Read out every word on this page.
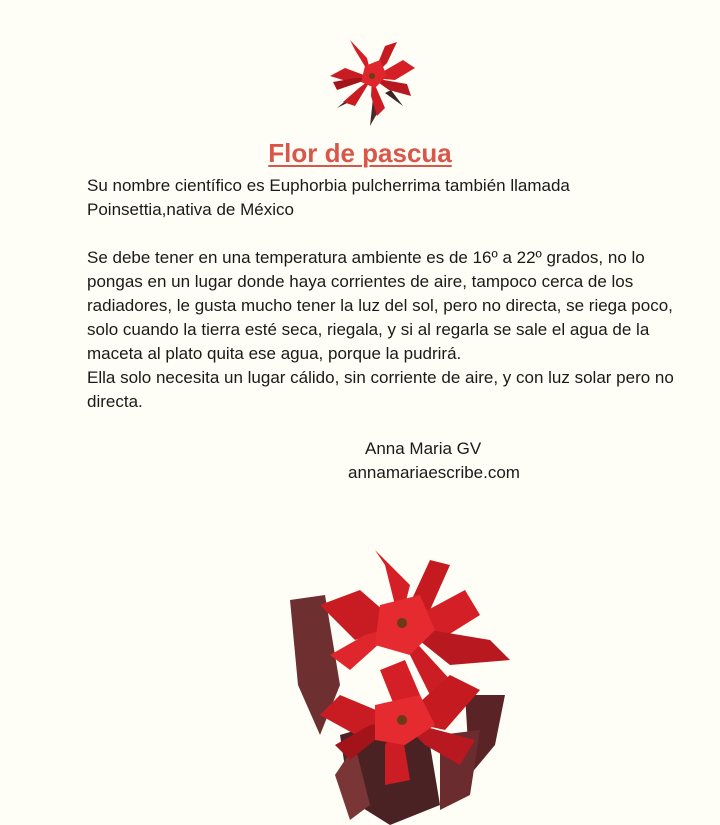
Flor de pascua

Su nombre científico es Euphorbia pulcherrima también llamada Poinsettia,nativa de México

Se debe tener en una temperatura ambiente es de 16º a 22º grados, no lo pongas en un lugar donde haya corrientes de aire, tampoco cerca de los radiadores, le gusta mucho tener la luz del sol, pero no directa, se riega poco, solo cuando la tierra esté seca, riegala, y si al regarla se sale el agua de la maceta al plato quita ese agua, porque la pudrirá.

Ella solo necesita un lugar cálido, sin corriente de aire, y con luz solar pero no directa.

Anna Maria GV
annamariaescribe.com
